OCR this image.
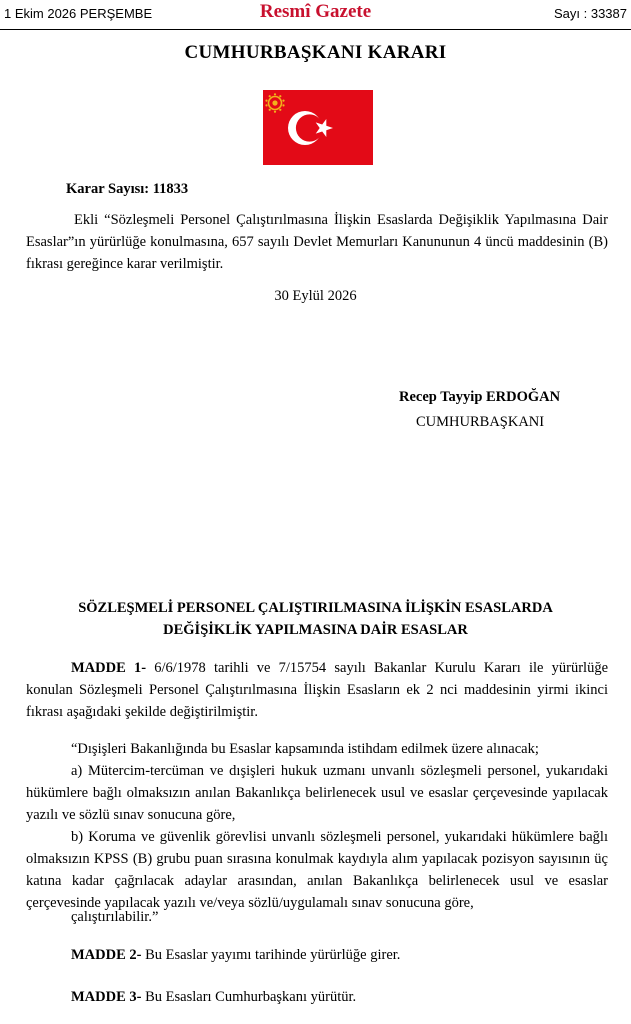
1 Ekim 2026 PERŞEMBE	Resmî Gazete	Sayı : 33387
CUMHURBAŞKANI KARARI
Karar Sayısı: 11833
Ekli “Sözleşmeli Personel Çalıştırılmasına İlişkin Esaslarda Değişiklik Yapılmasına Dair Esaslar”ın yürürlüğe konulmasına, 657 sayılı Devlet Memurları Kanununun 4 üncü maddesinin (B) fıkrası gereğince karar verilmiştir.
30 Eylül 2026
Recep Tayyip ERDOĞAN
CUMHURBAŞKANI
SÖZLEŞMELİ PERSONEL ÇALIŞTIRILMASINA İLİŞKİN ESASLARDA
DEĞİŞİKLİK YAPILMASINA DAİR ESASLAR
MADDE 1- 6/6/1978 tarihli ve 7/15754 sayılı Bakanlar Kurulu Kararı ile yürürlüğe konulan Sözleşmeli Personel Çalıştırılmasına İlişkin Esasların ek 2 nci maddesinin yirmi ikinci fıkrası aşağıdaki şekilde değiştirilmiştir.
“Dışişleri Bakanlığında bu Esaslar kapsamında istihdam edilmek üzere alınacak;
a) Mütercim-tercüman ve dışişleri hukuk uzmanı unvanlı sözleşmeli personel, yukarıdaki hükümlere bağlı olmaksızın anılan Bakanlıkça belirlenecek usul ve esaslar çerçevesinde yapılacak yazılı ve sözlü sınav sonucuna göre,
b) Koruma ve güvenlik görevlisi unvanlı sözleşmeli personel, yukarıdaki hükümlere bağlı olmaksızın KPSS (B) grubu puan sırasına konulmak kaydıyla alım yapılacak pozisyon sayısının üç katına kadar çağrılacak adaylar arasından, anılan Bakanlıkça belirlenecek usul ve esaslar çerçevesinde yapılacak yazılı ve/veya sözlü/uygulamalı sınav sonucuna göre,
çalıştırılabilir.”
MADDE 2- Bu Esaslar yayımı tarihinde yürürlüğe girer.
MADDE 3- Bu Esasları Cumhurbaşkanı yürütür.
